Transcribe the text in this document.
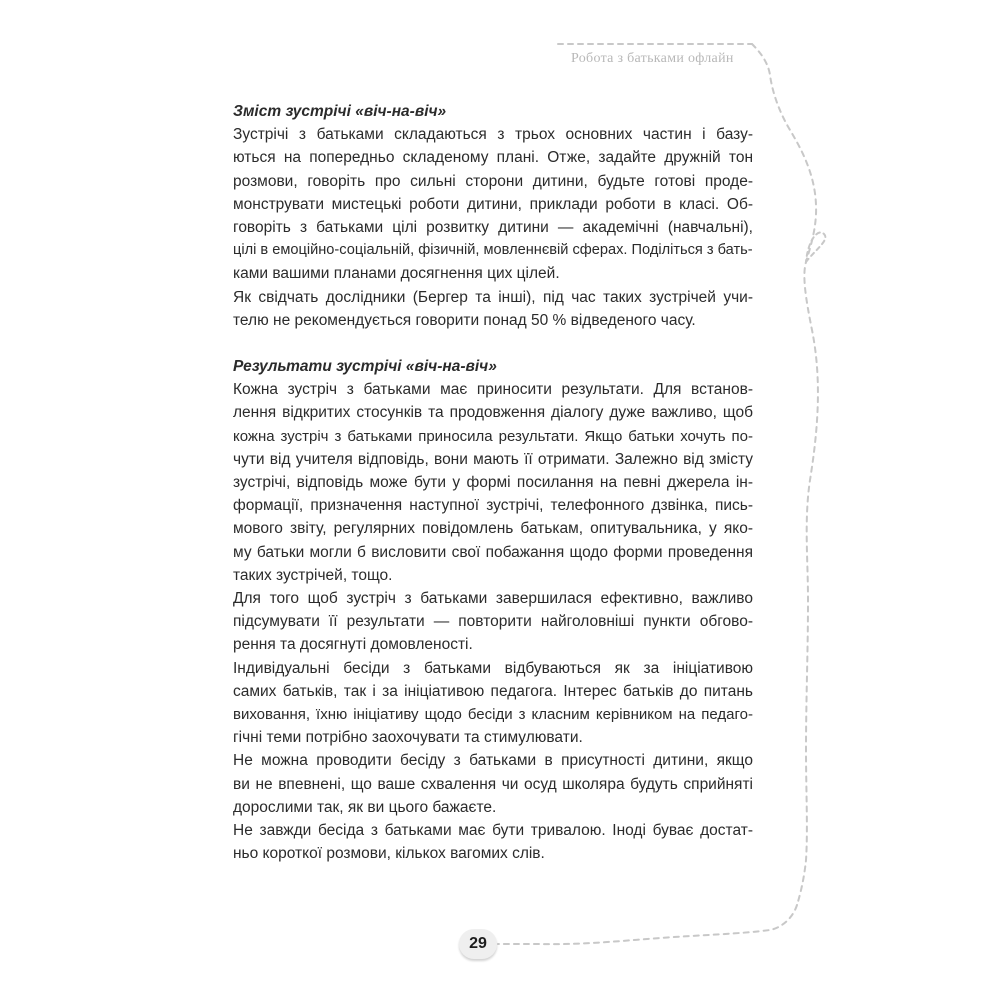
Робота з батьками офлайн
Зміст зустрічі «віч-на-віч»
Зустрічі з батьками складаються з трьох основних частин і базу-
ються на попередньо складеному плані. Отже, задайте дружній тон
розмови, говоріть про сильні сторони дитини, будьте готові проде-
монструвати мистецькі роботи дитини, приклади роботи в класі. Об-
говоріть з батьками цілі розвитку дитини — академічні (навчальні),
цілі в емоційно-соціальній, фізичній, мовленнєвій сферах. Поділіться з бать-
ками вашими планами досягнення цих цілей.
Як свідчать дослідники (Бергер та інші), під час таких зустрічей учи-
телю не рекомендується говорити понад 50 % відведеного часу.
Результати зустрічі «віч-на-віч»
Кожна зустріч з батьками має приносити результати. Для встанов-
лення відкритих стосунків та продовження діалогу дуже важливо, щоб
кожна зустріч з батьками приносила результати. Якщо батьки хочуть по-
чути від учителя відповідь, вони мають її отримати. Залежно від змісту
зустрічі, відповідь може бути у формі посилання на певні джерела ін-
формації, призначення наступної зустрічі, телефонного дзвінка, пись-
мового звіту, регулярних повідомлень батькам, опитувальника, у яко-
му батьки могли б висловити свої побажання щодо форми проведення
таких зустрічей, тощо.
Для того щоб зустріч з батьками завершилася ефективно, важливо
підсумувати її результати — повторити найголовніші пункти обгово-
рення та досягнуті домовленості.
Індивідуальні бесіди з батьками відбуваються як за ініціативою
самих батьків, так і за ініціативою педагога. Інтерес батьків до питань
виховання, їхню ініціативу щодо бесіди з класним керівником на педаго-
гічні теми потрібно заохочувати та стимулювати.
Не можна проводити бесіду з батьками в присутності дитини, якщо
ви не впевнені, що ваше схвалення чи осуд школяра будуть сприйняті
дорослими так, як ви цього бажаєте.
Не завжди бесіда з батьками має бути тривалою. Іноді буває достат-
ньо короткої розмови, кількох вагомих слів.
29
